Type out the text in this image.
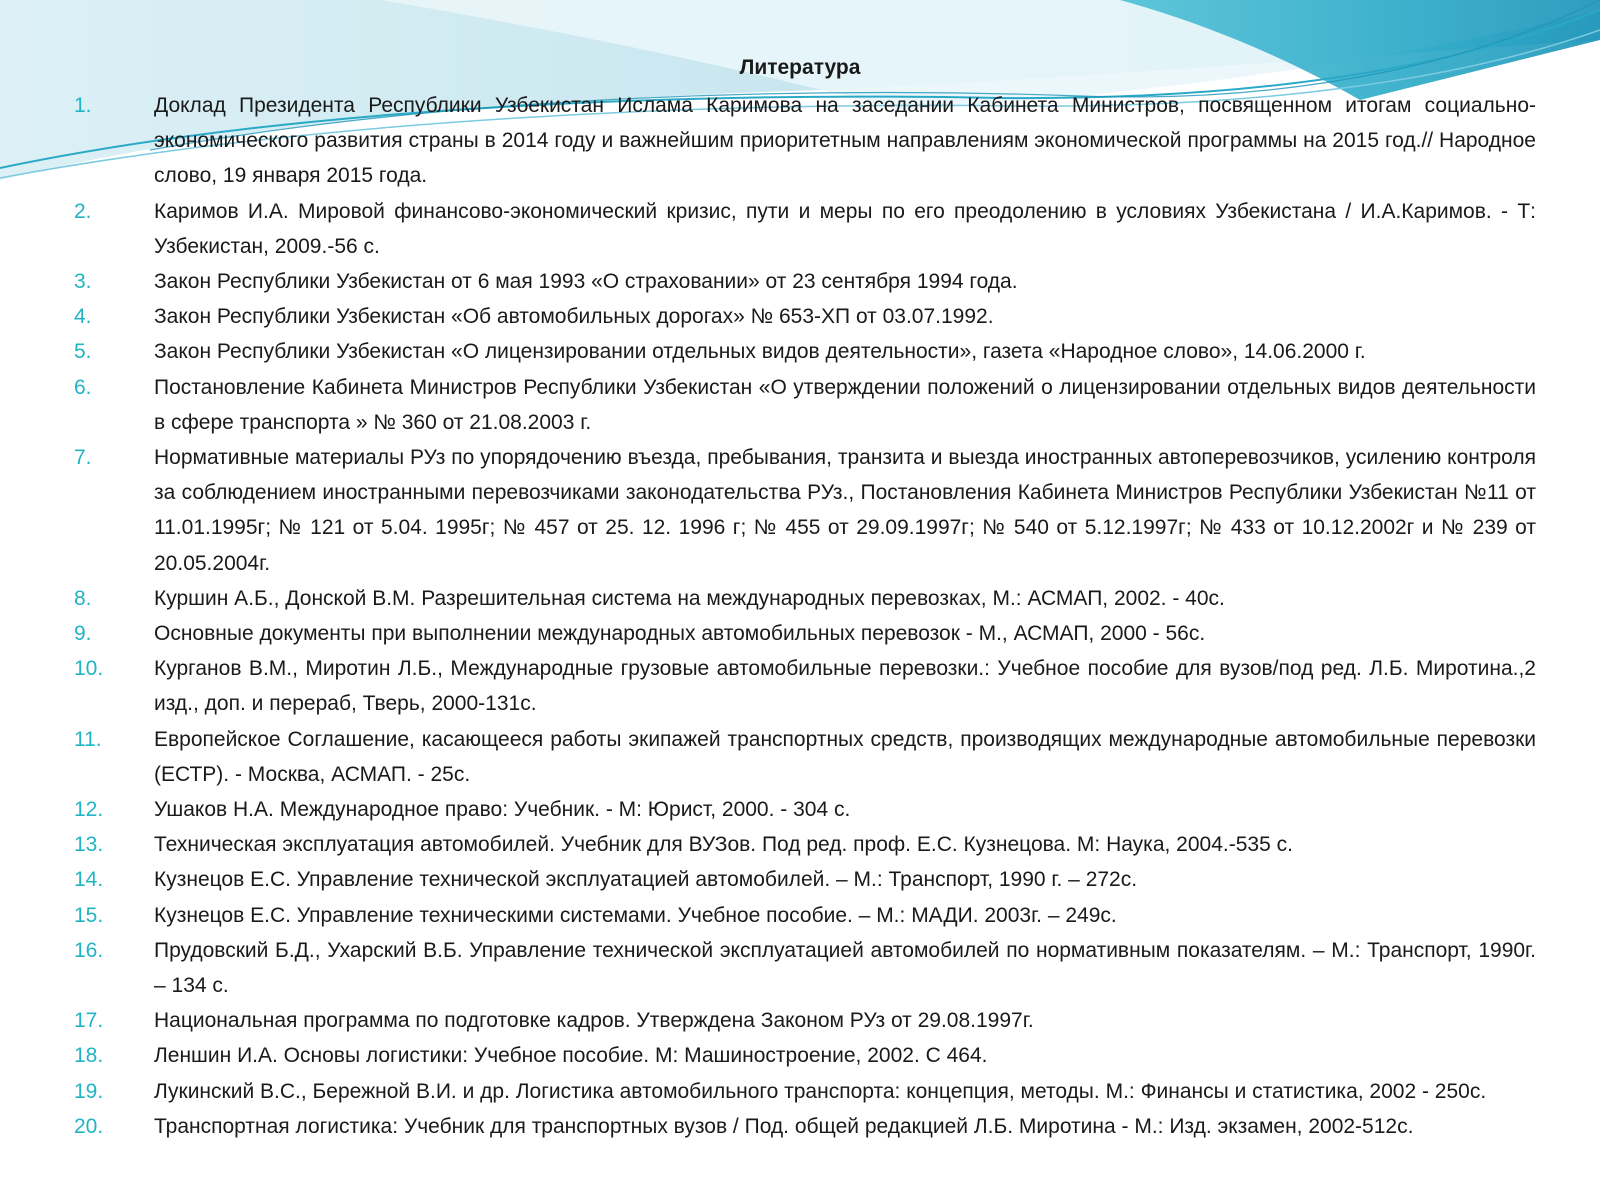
Литература
1.	Доклад Президента Республики Узбекистан Ислама Каримова на заседании Кабинета Министров, посвященном итогам социально-экономического развития страны в 2014 году и важнейшим приоритетным направлениям экономической программы на 2015 год.// Народное слово, 19 января 2015 года.
2.	Каримов И.А. Мировой финансово-экономический кризис, пути и меры по его преодолению в условиях Узбекистана / И.А.Каримов. - Т: Узбекистан, 2009.-56 с.
3.	Закон Республики Узбекистан от 6 мая 1993 «О страховании» от 23 сентября 1994 года.
4.	Закон Республики Узбекистан «Об автомобильных дорогах» № 653-ХП от 03.07.1992.
5.	Закон Республики Узбекистан «О лицензировании отдельных видов деятельности», газета «Народное слово», 14.06.2000 г.
6.	Постановление Кабинета Министров Республики Узбекистан «О утверждении положений о лицензировании отдельных видов деятельности в сфере транспорта » № 360 от 21.08.2003 г.
7.	Нормативные материалы РУз по упорядочению въезда, пребывания, транзита и выезда иностранных автоперевозчиков, усилению контроля за соблюдением иностранными перевозчиками законодательства РУз., Постановления Кабинета Министров Республики Узбекистан №11 от 11.01.1995г; № 121 от 5.04. 1995г; № 457 от 25. 12. 1996 г; № 455 от 29.09.1997г; № 540 от 5.12.1997г; № 433 от 10.12.2002г и № 239 от 20.05.2004г.
8.	Куршин А.Б., Донской В.М. Разрешительная система на международных перевозках, М.: АСМАП, 2002. - 40с.
9.	Основные документы при выполнении международных автомобильных перевозок - М., АСМАП, 2000 - 56с.
10.	Курганов В.М., Миротин Л.Б., Международные грузовые автомобильные перевозки.: Учебное пособие для вузов/под ред. Л.Б. Миротина.,2 изд., доп. и перераб, Тверь, 2000-131с.
11.	Европейское Соглашение, касающееся работы экипажей транспортных средств, производящих международные автомобильные перевозки (ЕСТР). - Москва, АСМАП. - 25с.
12.	Ушаков Н.А. Международное право: Учебник. - М: Юрист, 2000. - 304 с.
13.	Техническая эксплуатация автомобилей. Учебник для ВУЗов. Под ред. проф. Е.С. Кузнецова. М: Наука, 2004.-535 с.
14.	Кузнецов Е.С. Управление технической эксплуатацией автомобилей. – М.: Транспорт, 1990 г. – 272с.
15.	Кузнецов Е.С. Управление техническими системами. Учебное пособие. – М.: МАДИ. 2003г. – 249с.
16.	Прудовский Б.Д., Ухарский В.Б. Управление технической эксплуатацией автомобилей по нормативным показателям. – М.: Транспорт, 1990г. – 134 с.
17.	Национальная программа по подготовке кадров. Утверждена Законом РУз от 29.08.1997г.
18.	Леншин И.А. Основы логистики: Учебное пособие. М: Машиностроение, 2002. С 464.
19.	Лукинский В.С., Бережной В.И. и др. Логистика автомобильного транспорта: концепция, методы. М.: Финансы и статистика, 2002 - 250с.
20.	Транспортная логистика: Учебник для транспортных вузов / Под. общей редакцией Л.Б. Миротина - М.: Изд. экзамен, 2002-512с.
